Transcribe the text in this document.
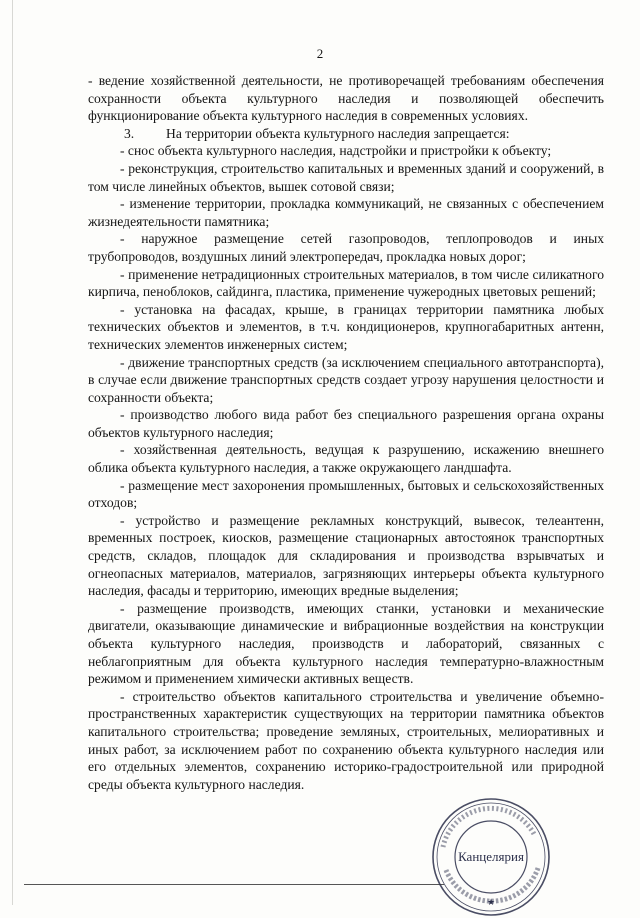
2

- ведение хозяйственной деятельности, не противоречащей требованиям обеспечения сохранности объекта культурного наследия и позволяющей обеспечить функционирование объекта культурного наследия в современных условиях.

3. На территории объекта культурного наследия запрещается:

- снос объекта культурного наследия, надстройки и пристройки к объекту;

- реконструкция, строительство капитальных и временных зданий и сооружений, в том числе линейных объектов, вышек сотовой связи;

- изменение территории, прокладка коммуникаций, не связанных с обеспечением жизнедеятельности памятника;

- наружное размещение сетей газопроводов, теплопроводов и иных трубопроводов, воздушных линий электропередач, прокладка новых дорог;

- применение нетрадиционных строительных материалов, в том числе силикатного кирпича, пеноблоков, сайдинга, пластика, применение чужеродных цветовых решений;

- установка на фасадах, крыше, в границах территории памятника любых технических объектов и элементов, в т.ч. кондиционеров, крупногабаритных антенн, технических элементов инженерных систем;

- движение транспортных средств (за исключением специального автотранспорта), в случае если движение транспортных средств создает угрозу нарушения целостности и сохранности объекта;

- производство любого вида работ без специального разрешения органа охраны объектов культурного наследия;

- хозяйственная деятельность, ведущая к разрушению, искажению внешнего облика объекта культурного наследия, а также окружающего ландшафта.

- размещение мест захоронения промышленных, бытовых и сельскохозяйственных отходов;

- устройство и размещение рекламных конструкций, вывесок, телеантенн, временных построек, киосков, размещение стационарных автостоянок транспортных средств, складов, площадок для складирования и производства взрывчатых и огнеопасных материалов, материалов, загрязняющих интерьеры объекта культурного наследия, фасады и территорию, имеющих вредные выделения;

- размещение производств, имеющих станки, установки и механические двигатели, оказывающие динамические и вибрационные воздействия на конструкции объекта культурного наследия, производств и лабораторий, связанных с неблагоприятным для объекта культурного наследия температурно-влажностным режимом и применением химически активных веществ.

- строительство объектов капитального строительства и увеличение объемно-пространственных характеристик существующих на территории памятника объектов капитального строительства; проведение земляных, строительных, мелиоративных и иных работ, за исключением работ по сохранению объекта культурного наследия или его отдельных элементов, сохранению историко-градостроительной или природной среды объекта культурного наследия.

Канцелярия
★
